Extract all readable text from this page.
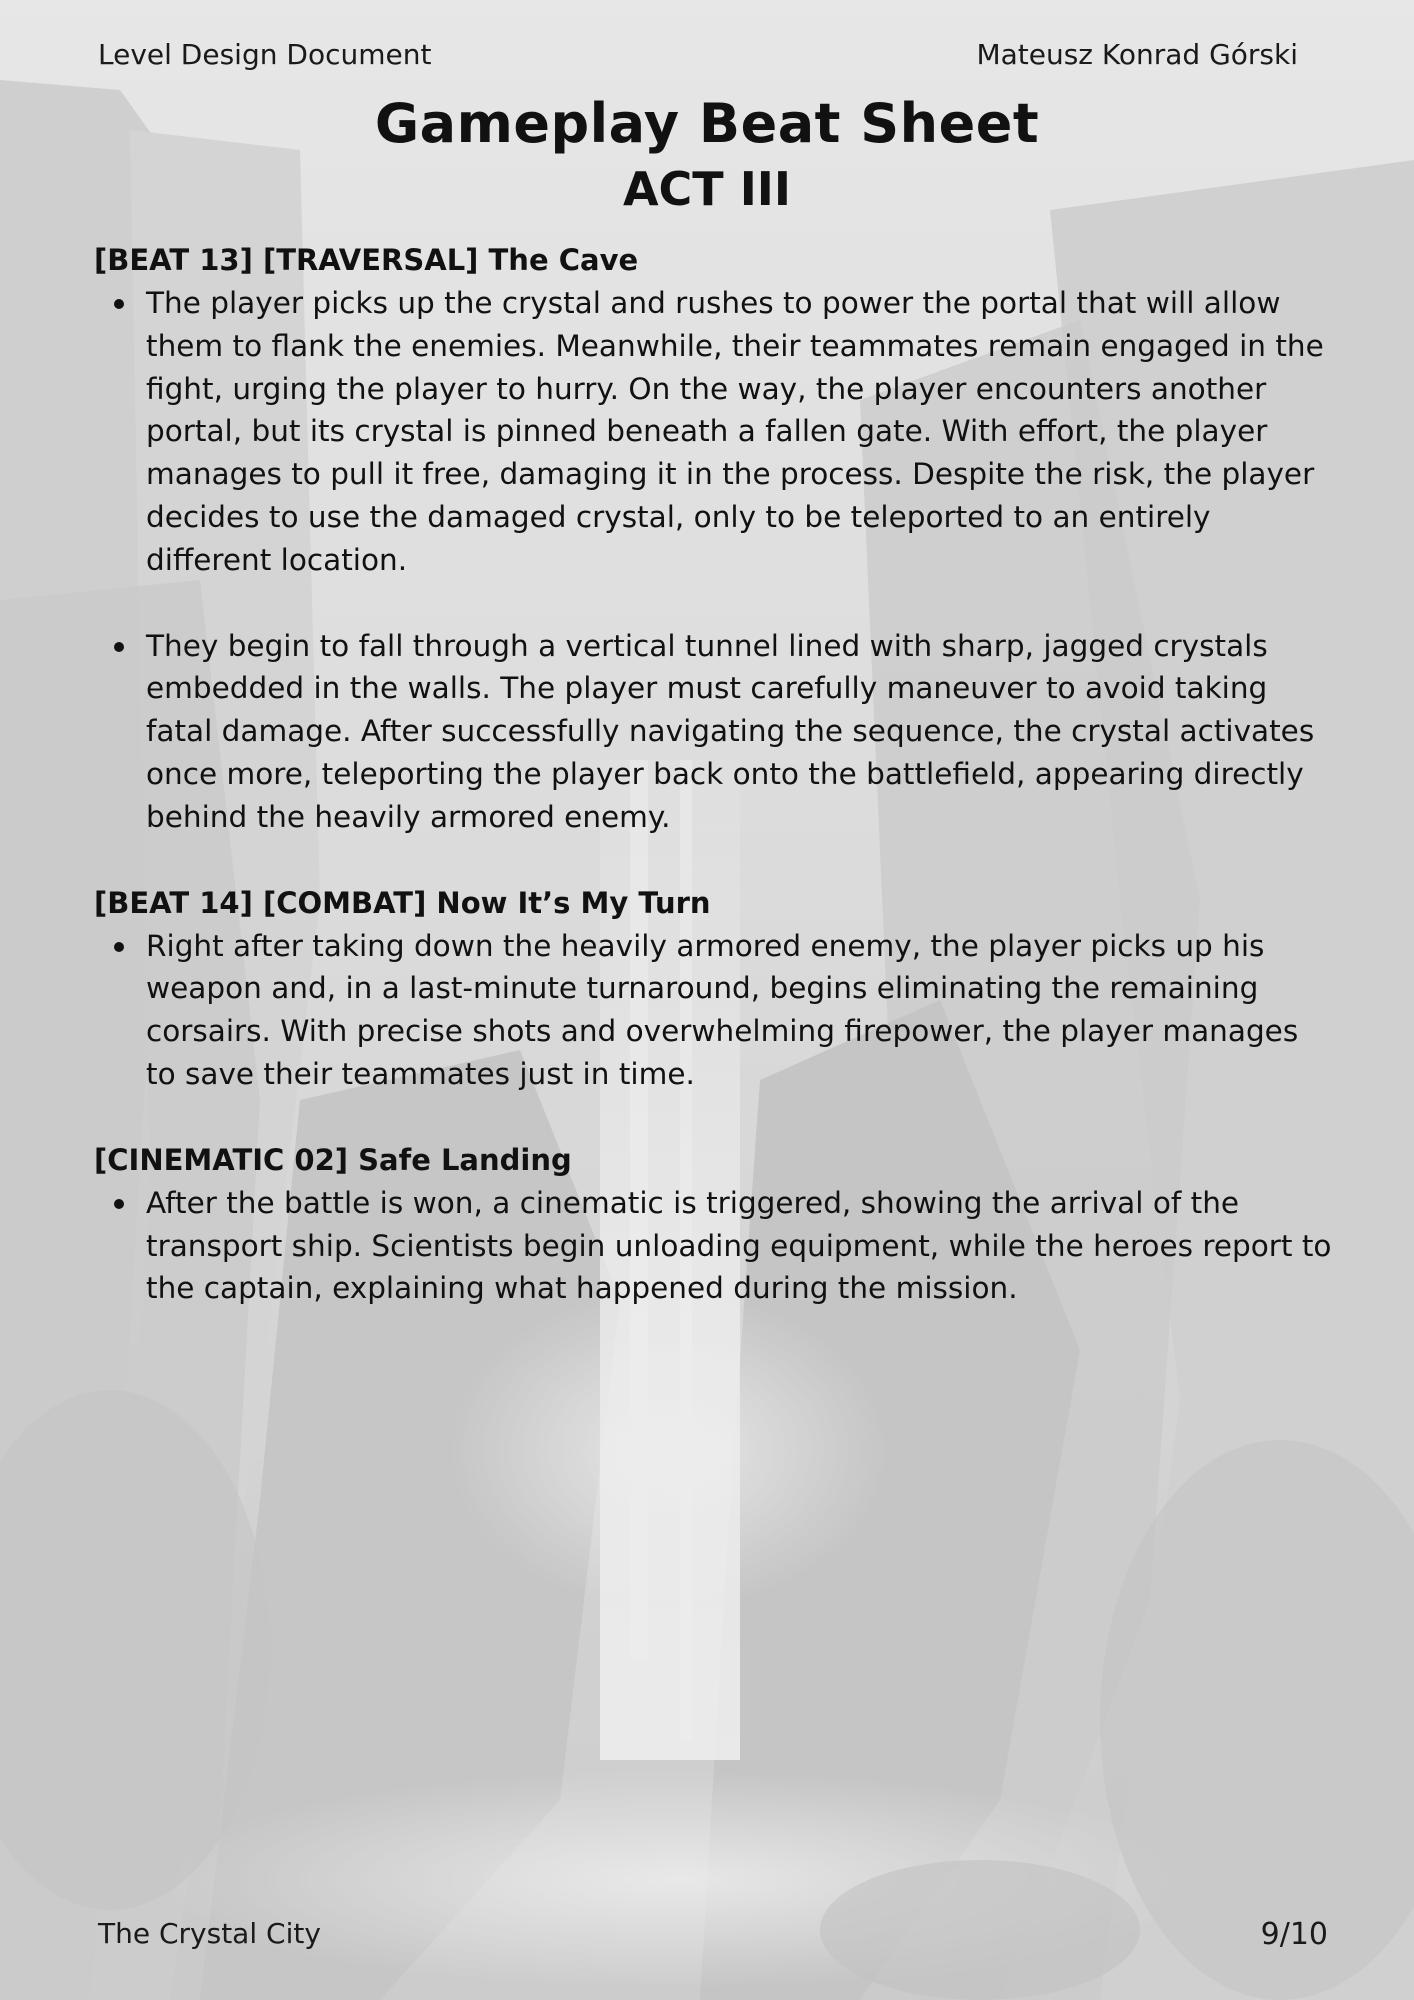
Level Design Document	Mateusz Konrad Górski
Gameplay Beat Sheet
ACT III

[BEAT 13] [TRAVERSAL] The Cave

The player picks up the crystal and rushes to power the portal that will allow them to flank the enemies. Meanwhile, their teammates remain engaged in the fight, urging the player to hurry. On the way, the player encounters another portal, but its crystal is pinned beneath a fallen gate. With effort, the player manages to pull it free, damaging it in the process. Despite the risk, the player decides to use the damaged crystal, only to be teleported to an entirely different location.
They begin to fall through a vertical tunnel lined with sharp, jagged crystals embedded in the walls. The player must carefully maneuver to avoid taking fatal damage. After successfully navigating the sequence, the crystal activates once more, teleporting the player back onto the battlefield, appearing directly behind the heavily armored enemy.

[BEAT 14] [COMBAT] Now It’s My Turn

Right after taking down the heavily armored enemy, the player picks up his weapon and, in a last-minute turnaround, begins eliminating the remaining corsairs. With precise shots and overwhelming firepower, the player manages to save their teammates just in time.

[CINEMATIC 02] Safe Landing

After the battle is won, a cinematic is triggered, showing the arrival of the transport ship. Scientists begin unloading equipment, while the heroes report to the captain, explaining what happened during the mission.
The Crystal City	9/10
